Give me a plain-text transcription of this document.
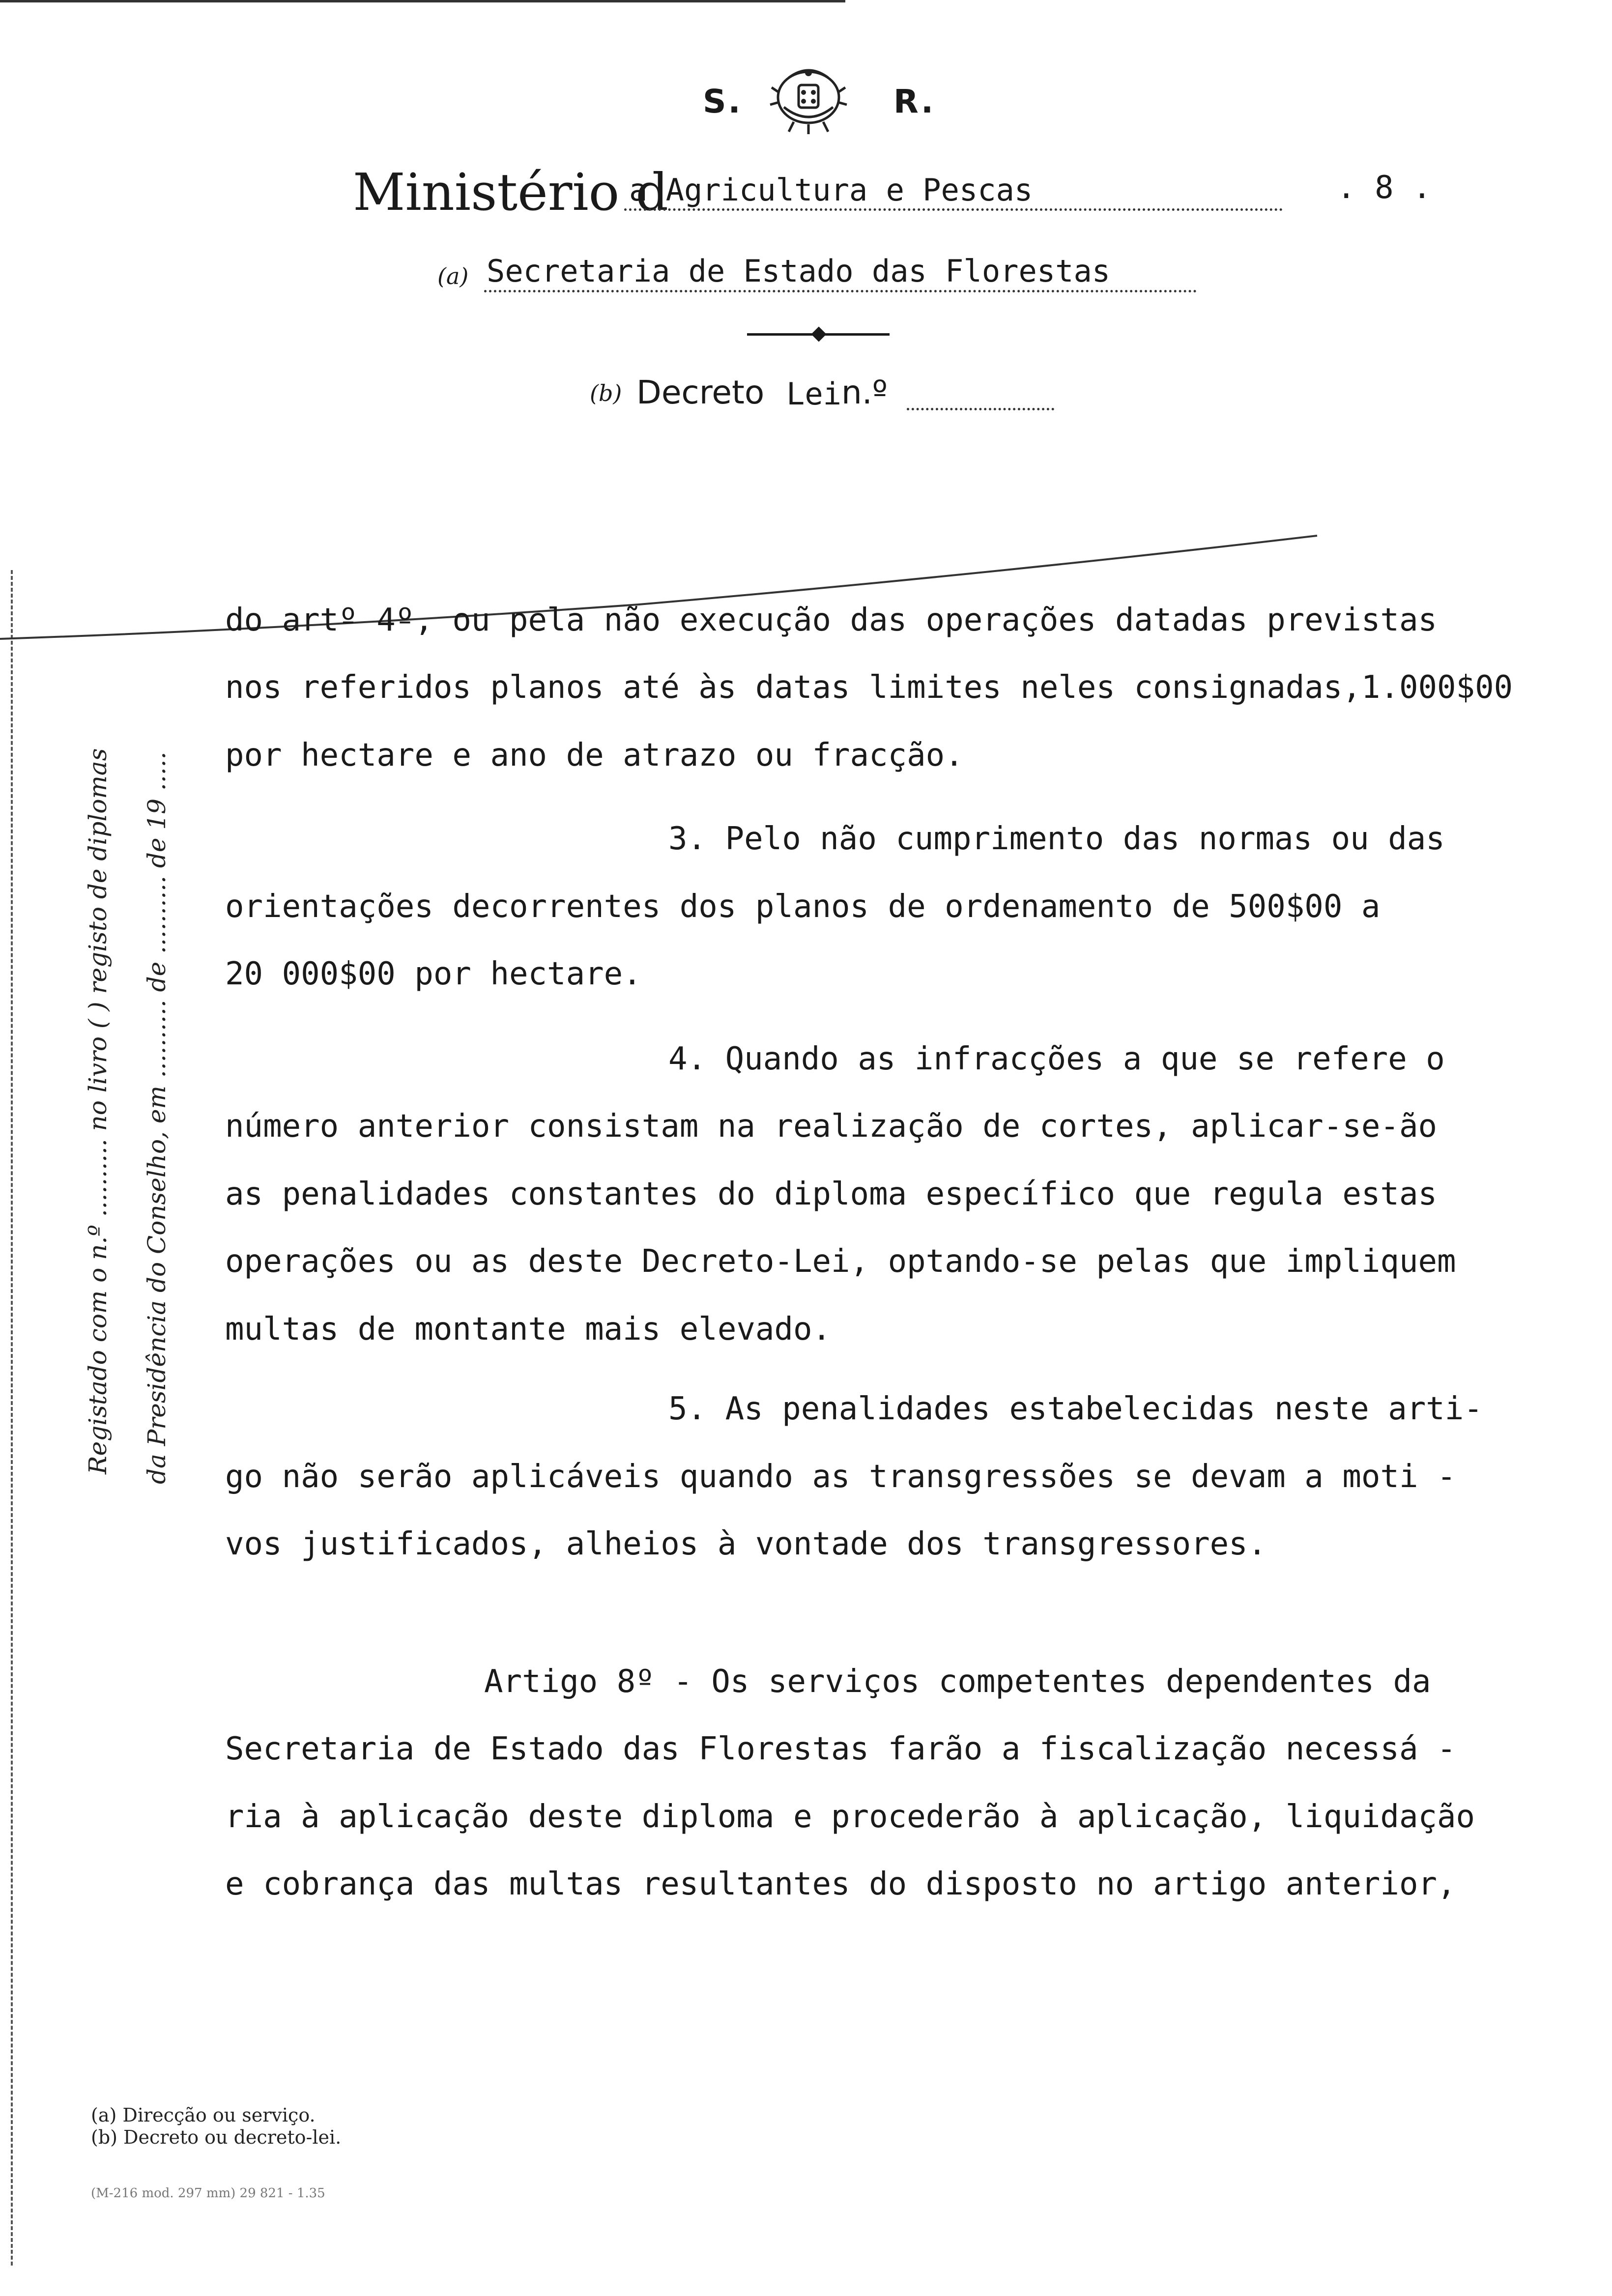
S.	R.
Ministério d
a Agricultura e Pescas	. 8 .
(a) Secretaria de Estado das Florestas
(b) Decreto Lei n.º
Registado com o n.º .......... no livro ( ) registo de diplomas da Presidência do Conselho, em .......... de .......... de 19 .....
do artº 4º, ou pela não execução das operações datadas previstas
nos referidos planos até às datas limites neles consignadas,1.000$00
por hectare e ano de atrazo ou fracção.
3. Pelo não cumprimento das normas ou das
orientações decorrentes dos planos de ordenamento de 500$00 a
20 000$00 por hectare.
4. Quando as infracções a que se refere o
número anterior consistam na realização de cortes, aplicar-se-ão
as penalidades constantes do diploma específico que regula estas
operações ou as deste Decreto-Lei, optando-se pelas que impliquem
multas de montante mais elevado.
5. As penalidades estabelecidas neste arti-
go não serão aplicáveis quando as transgressões se devam a moti -
vos justificados, alheios à vontade dos transgressores.
Artigo 8º - Os serviços competentes dependentes da
Secretaria de Estado das Florestas farão a fiscalização necessá -
ria à aplicação deste diploma e procederão à aplicação, liquidação
e cobrança das multas resultantes do disposto no artigo anterior,
(a) Direcção ou serviço.
(b) Decreto ou decreto-lei.
(M-216 mod. 297 mm) 29 821 - 1.35
